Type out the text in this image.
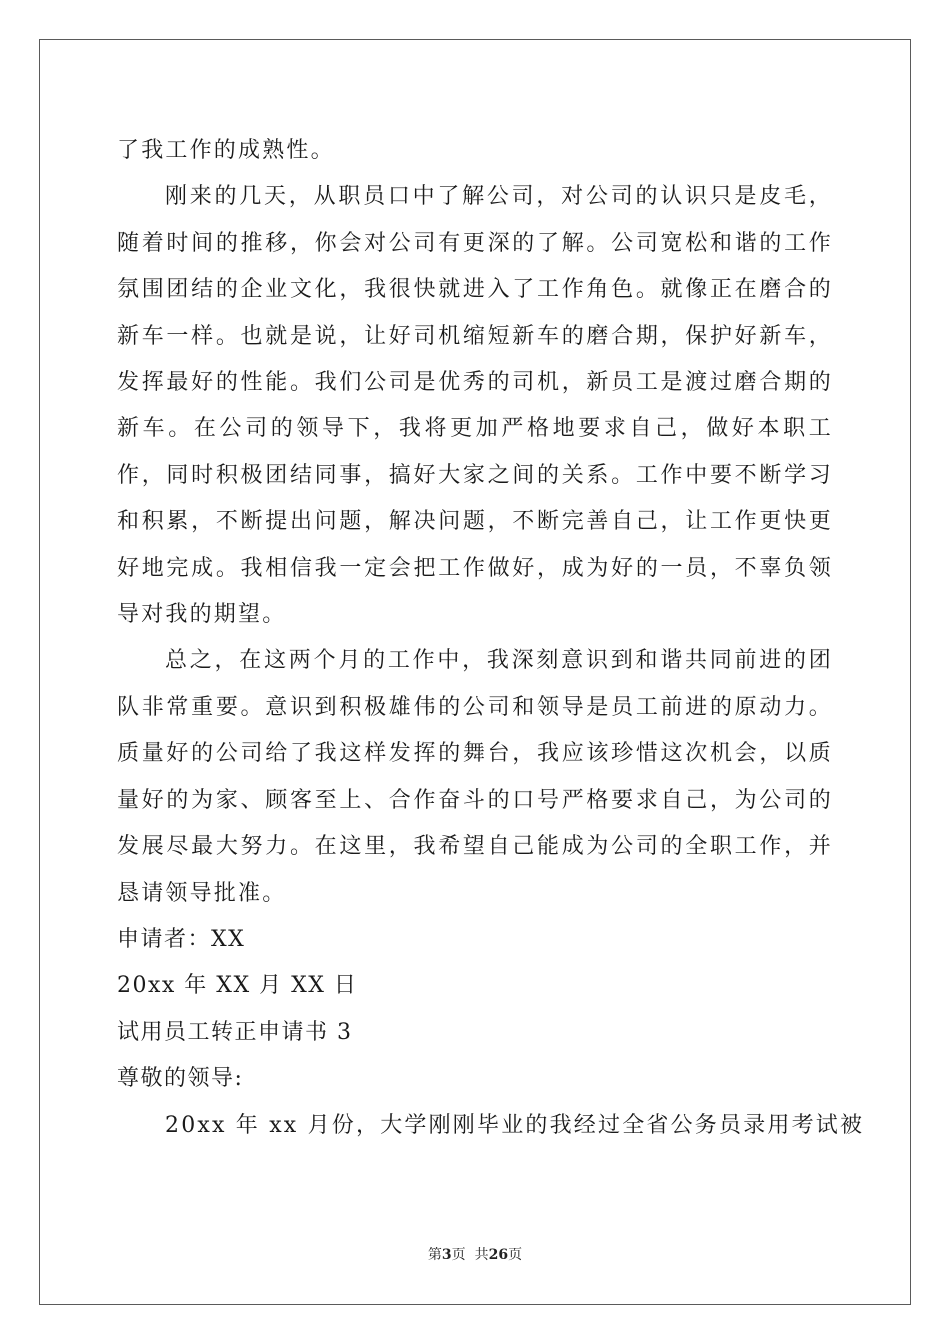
了我工作的成熟性。

刚来的几天，从职员口中了解公司，对公司的认识只是皮毛，随着时间的推移，你会对公司有更深的了解。公司宽松和谐的工作氛围团结的企业文化，我很快就进入了工作角色。就像正在磨合的新车一样。也就是说，让好司机缩短新车的磨合期，保护好新车，发挥最好的性能。我们公司是优秀的司机，新员工是渡过磨合期的新车。在公司的领导下，我将更加严格地要求自己，做好本职工作，同时积极团结同事，搞好大家之间的关系。工作中要不断学习和积累，不断提出问题，解决问题，不断完善自己，让工作更快更好地完成。我相信我一定会把工作做好，成为好的一员，不辜负领导对我的期望。

总之，在这两个月的工作中，我深刻意识到和谐共同前进的团队非常重要。意识到积极雄伟的公司和领导是员工前进的原动力。质量好的公司给了我这样发挥的舞台，我应该珍惜这次机会，以质量好的为家、顾客至上、合作奋斗的口号严格要求自己，为公司的发展尽最大努力。在这里，我希望自己能成为公司的全职工作，并恳请领导批准。

申请者：XX

20xx 年 XX 月 XX 日

试用员工转正申请书 3

尊敬的领导:

20xx 年 xx 月份，大学刚刚毕业的我经过全省公务员录用考试被

第3页  共26页
